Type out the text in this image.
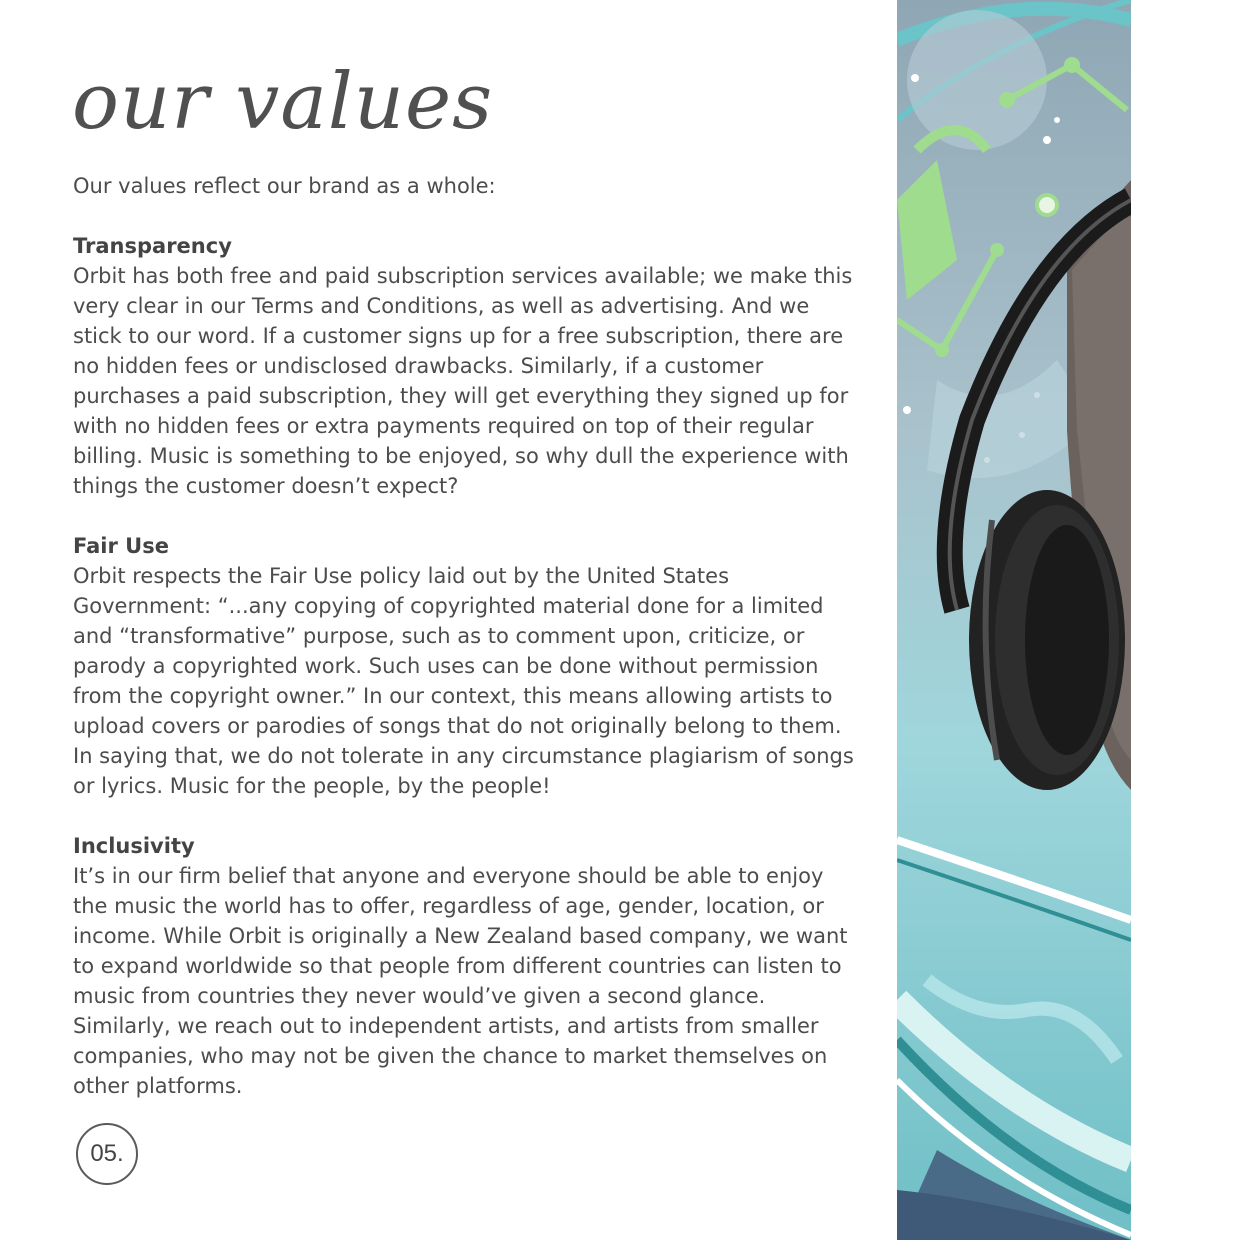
our values

Our values reflect our brand as a whole:

Transparency

Orbit has both free and paid subscription services available; we make this very clear in our Terms and Conditions, as well as advertising. And we stick to our word. If a customer signs up for a free subscription, there are no hidden fees or undisclosed drawbacks. Similarly, if a customer purchases a paid subscription, they will get everything they signed up for with no hidden fees or extra payments required on top of their regular billing. Music is something to be enjoyed, so why dull the experience with things the customer doesn’t expect?

Fair Use

Orbit respects the Fair Use policy laid out by the United States Government: “...any copying of copyrighted material done for a limited and “transformative” purpose, such as to comment upon, criticize, or parody a copyrighted work. Such uses can be done without permission from the copyright owner.” In our context, this means allowing artists to upload covers or parodies of songs that do not originally belong to them. In saying that, we do not tolerate in any circumstance plagiarism of songs or lyrics. Music for the people, by the people!

Inclusivity

It’s in our firm belief that anyone and everyone should be able to enjoy the music the world has to offer, regardless of age, gender, location, or income. While Orbit is originally a New Zealand based company, we want to expand worldwide so that people from different countries can listen to music from countries they never would’ve given a second glance. Similarly, we reach out to independent artists, and artists from smaller companies, who may not be given the chance to market themselves on other platforms.

05.
